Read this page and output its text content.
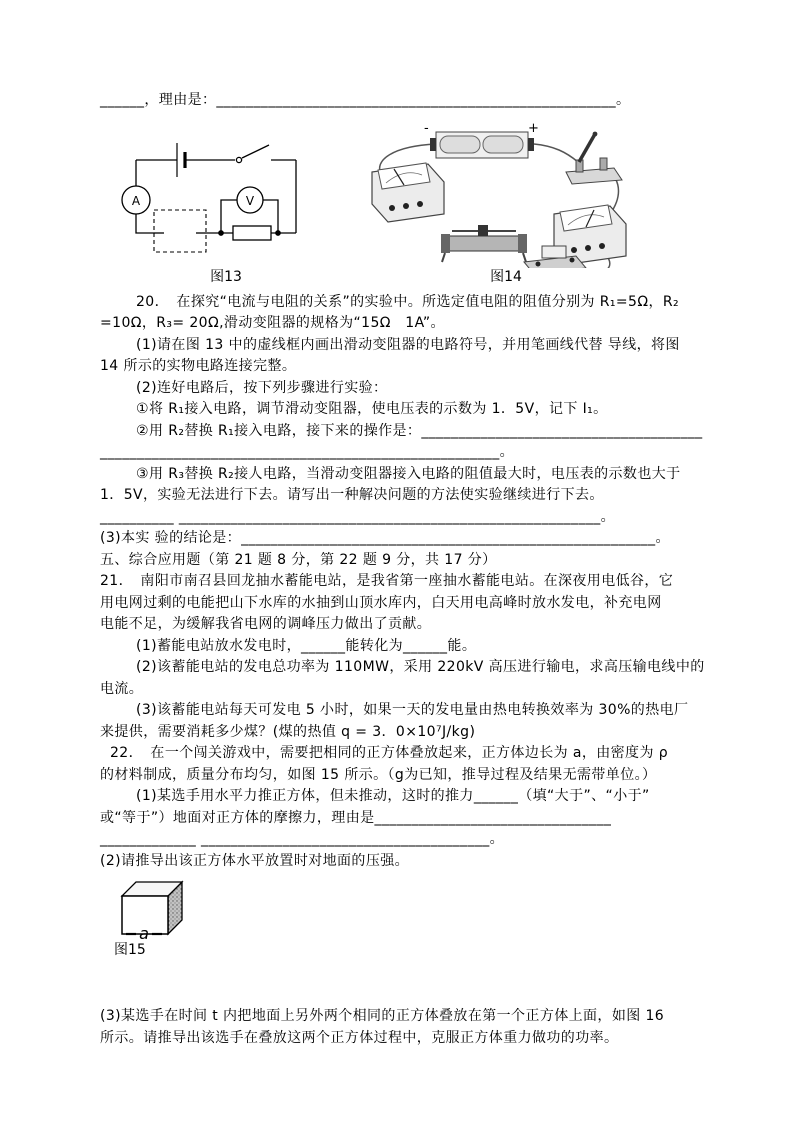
______，理由是：______________________________________________________。
A	V
图13
-	+
图14
20．　在探究“电流与电阻的关系”的实验中。所选定值电阻的阻值分别为 R₁=5Ω，R₂
=10Ω，R₃= 20Ω,滑动变阻器的规格为“15Ω　1A”。
(1)请在图 13 中的虚线框内画出滑动变阻器的电路符号，并用笔画线代替 导线，将图
14 所示的实物电路连接完整。
(2)连好电路后，按下列步骤进行实验：
①将 R₁接入电路，调节滑动变阻器，使电压表的示数为 1．5V，记下 I₁。
②用 R₂替换 R₁接入电路，接下来的操作是：______________________________________
______________________________________________________。
③用 R₃替换 R₂接人电路，当滑动变阻器接入电路的阻值最大时，电压表的示数也大于
1．5V，实验无法进行下去。请写出一种解决问题的方法使实验继续进行下去。
__________ _________________________________________________________。
(3)本实 验的结论是：________________________________________________________。
五、综合应用题（第 21 题 8 分，第 22 题 9 分，共 17 分）
21．　南阳市南召县回龙抽水蓄能电站，是我省第一座抽水蓄能电站。在深夜用电低谷，它
用电网过剩的电能把山下水库的水抽到山顶水库内，白天用电高峰时放水发电，补充电网
电能不足，为缓解我省电网的调峰压力做出了贡献。
(1)蓄能电站放水发电时，______能转化为______能。
(2)该蓄能电站的发电总功率为 110MW，采用 220kV 高压进行输电，求高压输电线中的
电流。
(3)该蓄能电站每天可发电 5 小时，如果一天的发电量由热电转换效率为 30%的热电厂
来提供，需要消耗多少煤？(煤的热值 q = 3．0×10⁷J/kg)
22．　在一个闯关游戏中，需要把相同的正方体叠放起来，正方体边长为 a，由密度为 ρ
的材料制成，质量分布均匀，如图 15 所示。（g为已知，推导过程及结果无需带单位。）
(1)某选手用水平力推正方体，但未推动，这时的推力______（填“大于”、“小于”
或“等于”）地面对正方体的摩擦力，理由是________________________________
_____________ _______________________________________。
(2)请推导出该正方体水平放置时对地面的压强。
a
图15
(3)某选手在时间 t 内把地面上另外两个相同的正方体叠放在第一个正方体上面，如图 16
所示。请推导出该选手在叠放这两个正方体过程中，克服正方体重力做功的功率。
